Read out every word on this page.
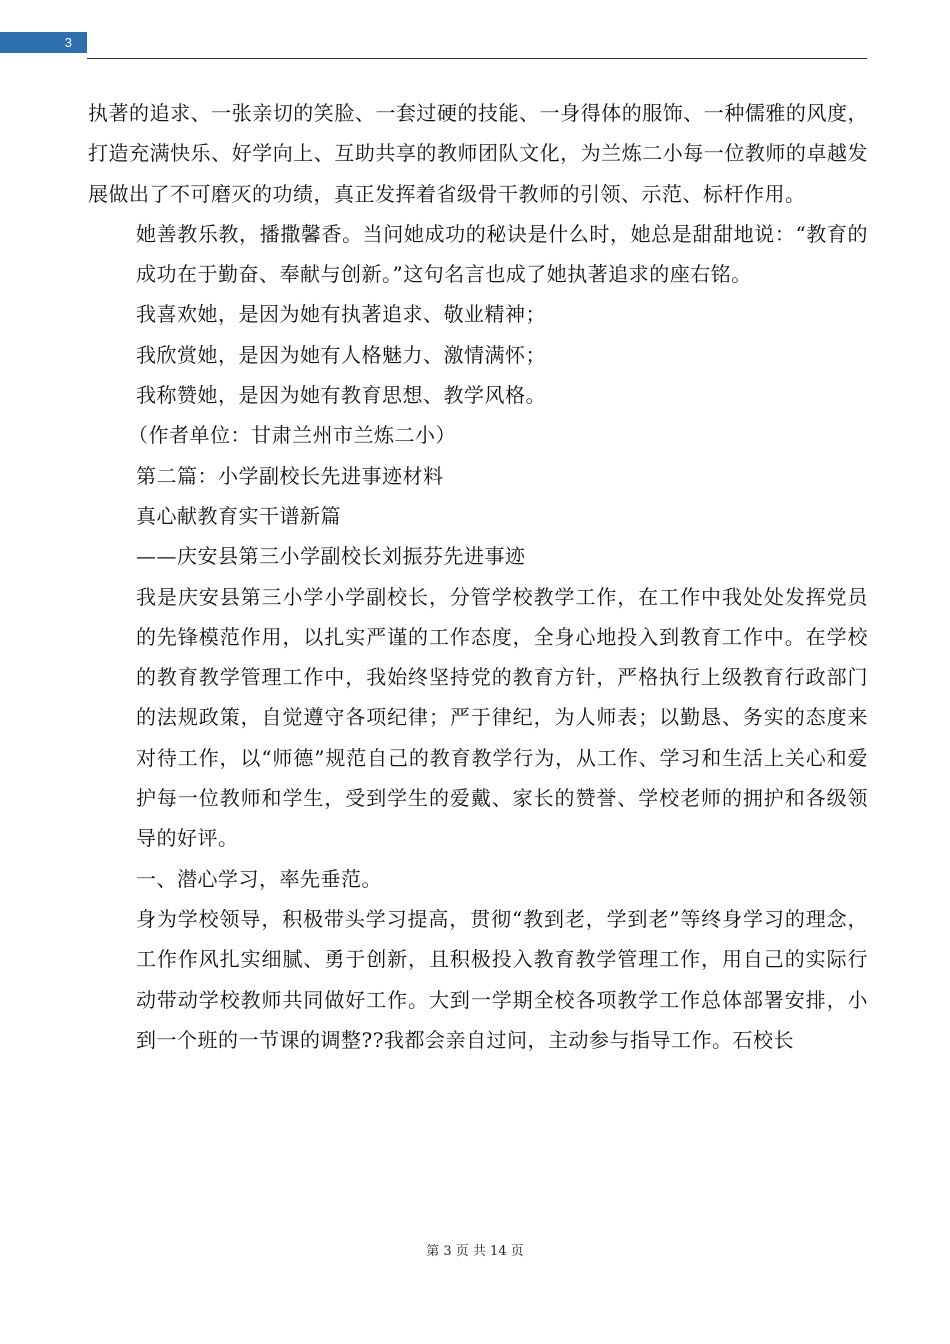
3

执著的追求、一张亲切的笑脸、一套过硬的技能、一身得体的服饰、一种儒雅的风度，打造充满快乐、好学向上、互助共享的教师团队文化，为兰炼二小每一位教师的卓越发展做出了不可磨灭的功绩，真正发挥着省级骨干教师的引领、示范、标杆作用。

她善教乐教，播撒馨香。当问她成功的秘诀是什么时，她总是甜甜地说：“教育的成功在于勤奋、奉献与创新。”这句名言也成了她执著追求的座右铭。

我喜欢她，是因为她有执著追求、敬业精神；

我欣赏她，是因为她有人格魅力、激情满怀；

我称赞她，是因为她有教育思想、教学风格。

（作者单位：甘肃兰州市兰炼二小）

第二篇：小学副校长先进事迹材料

真心献教育实干谱新篇

——庆安县第三小学副校长刘振芬先进事迹

我是庆安县第三小学小学副校长，分管学校教学工作，在工作中我处处发挥党员的先锋模范作用，以扎实严谨的工作态度，全身心地投入到教育工作中。在学校的教育教学管理工作中，我始终坚持党的教育方针，严格执行上级教育行政部门的法规政策，自觉遵守各项纪律；严于律纪，为人师表；以勤恳、务实的态度来对待工作，以“师德”规范自己的教育教学行为，从工作、学习和生活上关心和爱护每一位教师和学生，受到学生的爱戴、家长的赞誉、学校老师的拥护和各级领导的好评。

一、潜心学习，率先垂范。

身为学校领导，积极带头学习提高，贯彻“教到老，学到老”等终身学习的理念，工作作风扎实细腻、勇于创新，且积极投入教育教学管理工作，用自己的实际行动带动学校教师共同做好工作。大到一学期全校各项教学工作总体部署安排，小到一个班的一节课的调整??我都会亲自过问，主动参与指导工作。石校长

第 3 页 共 14 页
